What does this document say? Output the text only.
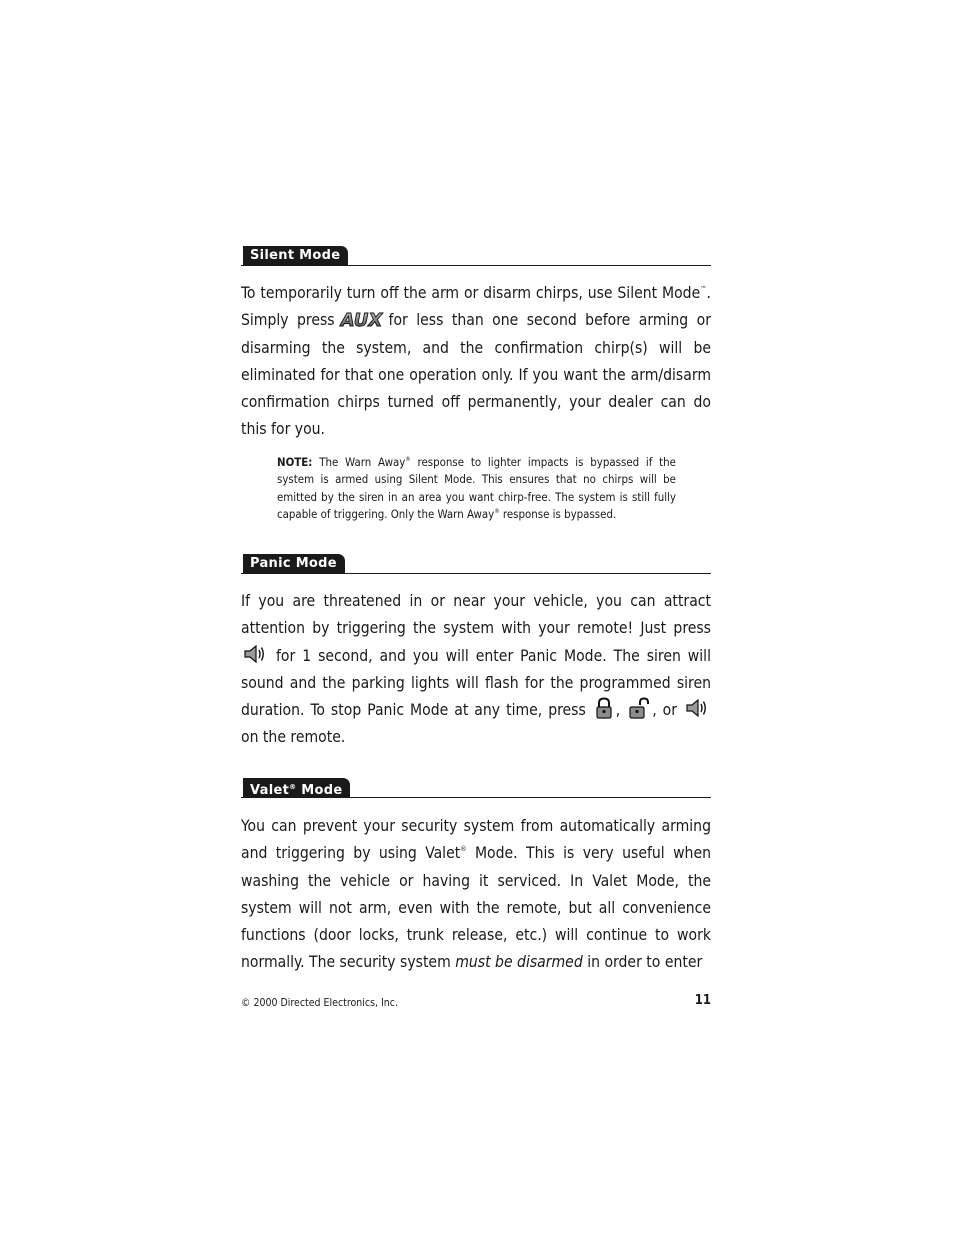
Silent Mode
To temporarily turn off the arm or disarm chirps, use Silent Mode™. Simply press AUX for less than one second before arming or disarming the system, and the confirmation chirp(s) will be eliminated for that one operation only. If you want the arm/disarm confirmation chirps turned off permanently, your dealer can do this for you.
NOTE: The Warn Away® response to lighter impacts is bypassed if the system is armed using Silent Mode. This ensures that no chirps will be emitted by the siren in an area you want chirp-free. The system is still fully capable of triggering. Only the Warn Away® response is bypassed.
Panic Mode
If you are threatened in or near your vehicle, you can attract attention by triggering the system with your remote! Just press
for 1 second, and you will enter Panic Mode. The siren will sound and the parking lights will flash for the programmed siren duration. To stop Panic Mode at any time, press , , or
on the remote.
Valet® Mode
You can prevent your security system from automatically arming and triggering by using Valet® Mode. This is very useful when washing the vehicle or having it serviced. In Valet Mode, the system will not arm, even with the remote, but all convenience functions (door locks, trunk release, etc.) will continue to work normally. The security system must be disarmed in order to enter
© 2000 Directed Electronics, Inc.	11
